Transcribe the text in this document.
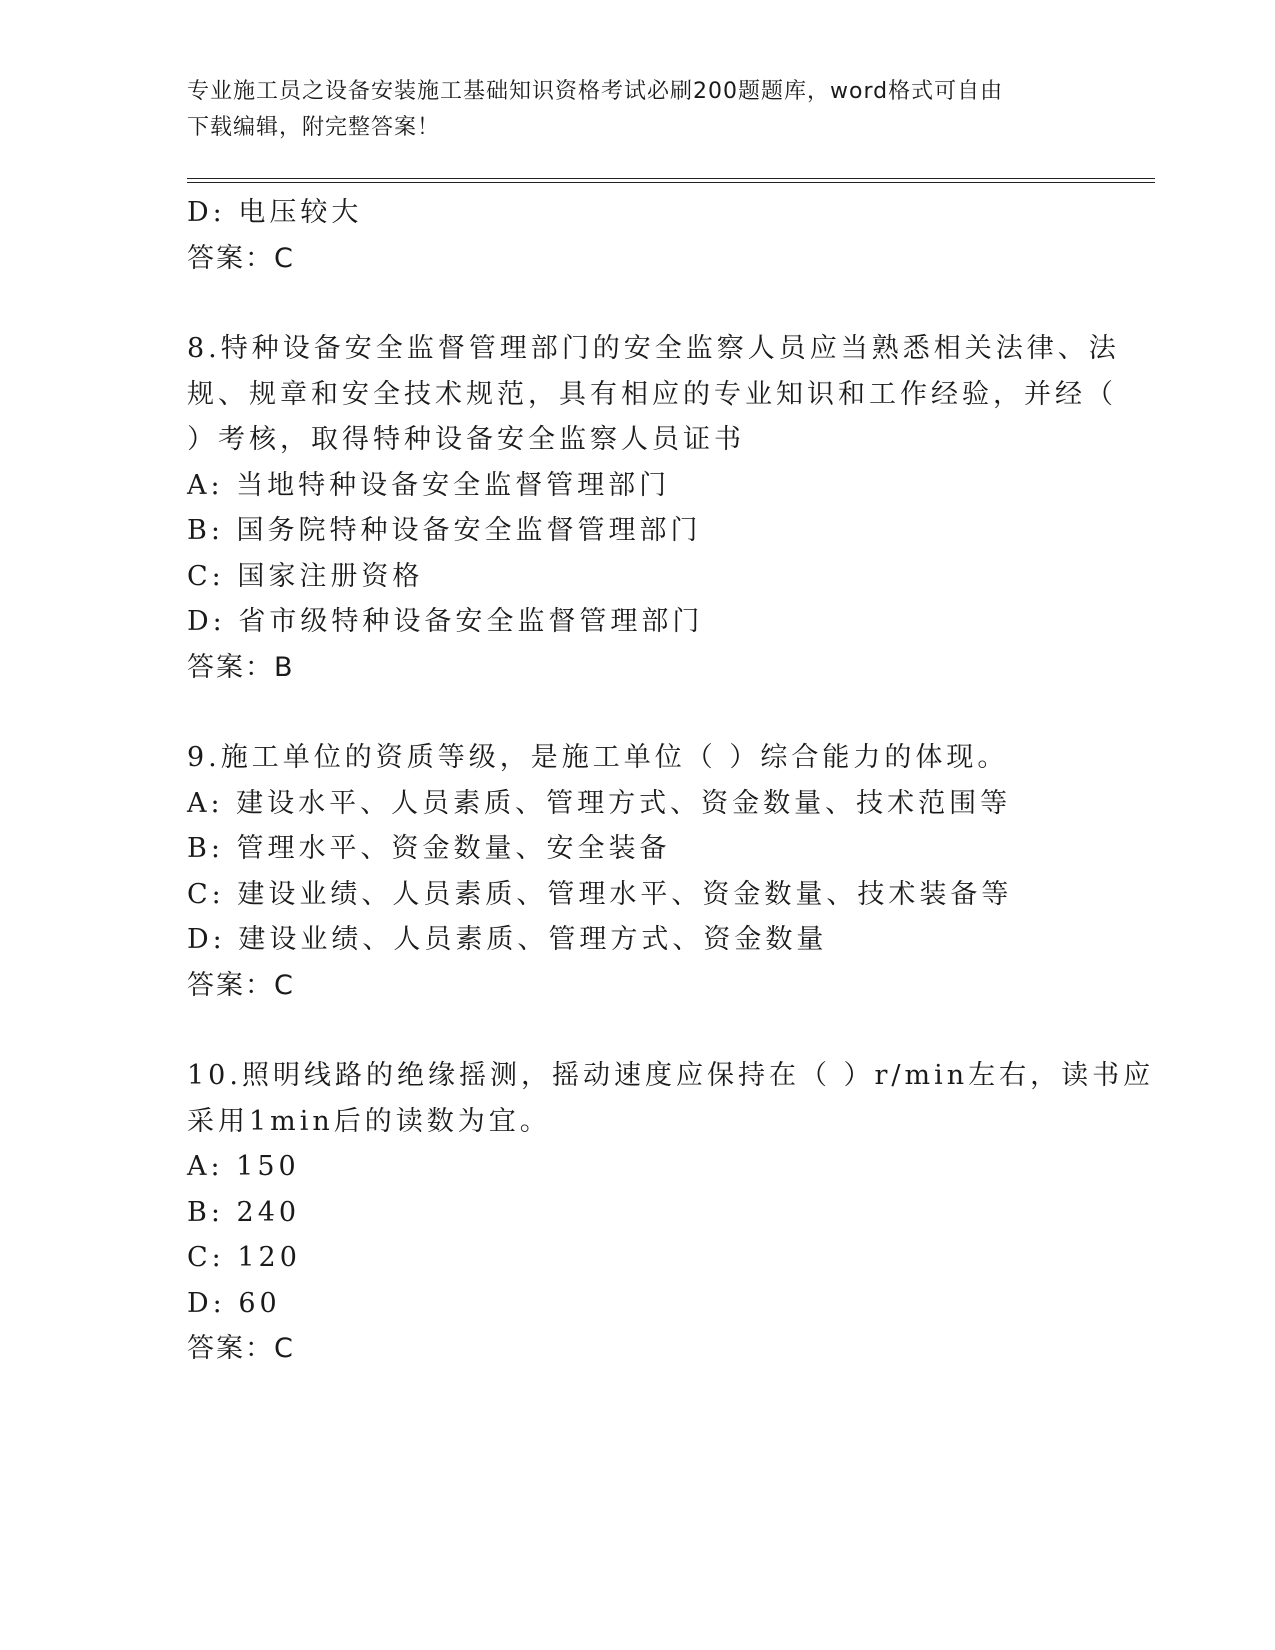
专业施工员之设备安装施工基础知识资格考试必刷200题题库，word格式可自由
下载编辑，附完整答案！
D: 电压较大
答案：C
8.特种设备安全监督管理部门的安全监察人员应当熟悉相关法律、法
规、规章和安全技术规范，具有相应的专业知识和工作经验，并经（
）考核，取得特种设备安全监察人员证书
A: 当地特种设备安全监督管理部门
B: 国务院特种设备安全监督管理部门
C: 国家注册资格
D: 省市级特种设备安全监督管理部门
答案：B
9.施工单位的资质等级，是施工单位（ ）综合能力的体现。
A: 建设水平、人员素质、管理方式、资金数量、技术范围等
B: 管理水平、资金数量、安全装备
C: 建设业绩、人员素质、管理水平、资金数量、技术装备等
D: 建设业绩、人员素质、管理方式、资金数量
答案：C
10.照明线路的绝缘摇测，摇动速度应保持在（ ）r/min左右，读书应
采用1min后的读数为宜。
A: 150
B: 240
C: 120
D: 60
答案：C
